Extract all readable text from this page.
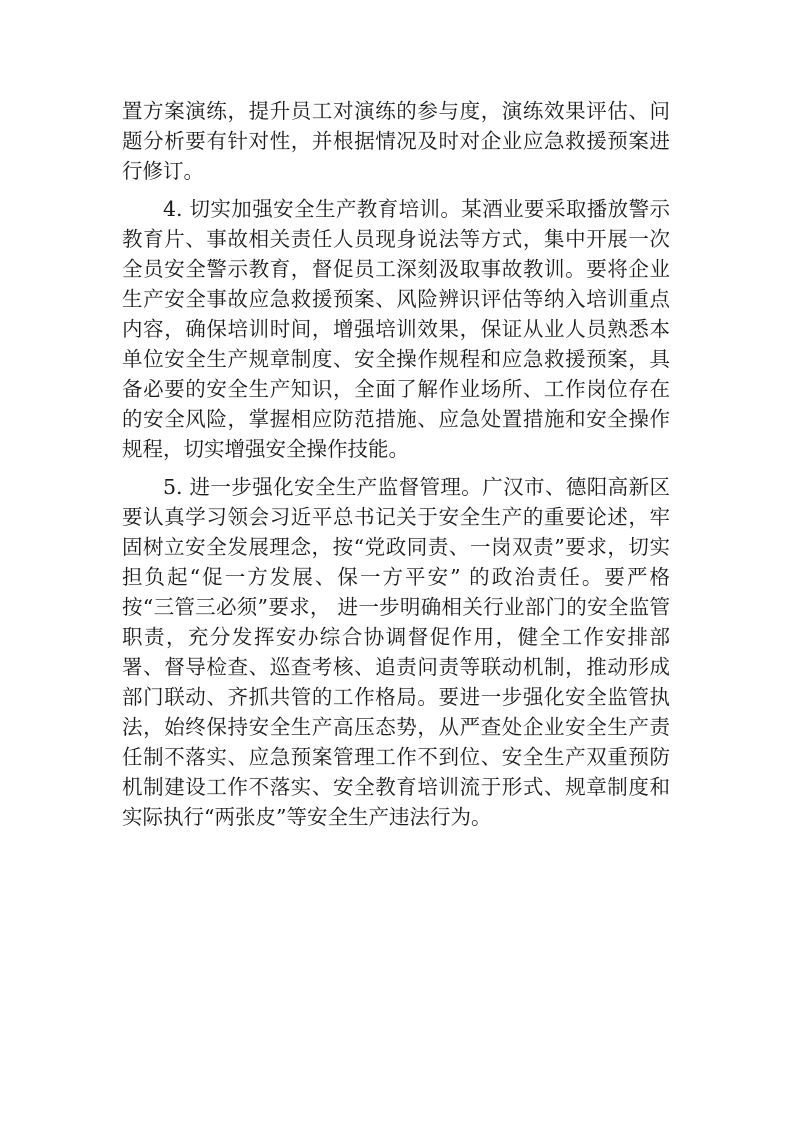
置方案演练，提升员工对演练的参与度，演练效果评估、问题分析要有针对性，并根据情况及时对企业应急救援预案进行修订。

4. 切实加强安全生产教育培训。某酒业要采取播放警示教育片、事故相关责任人员现身说法等方式，集中开展一次全员安全警示教育，督促员工深刻汲取事故教训。要将企业生产安全事故应急救援预案、风险辨识评估等纳入培训重点内容，确保培训时间，增强培训效果，保证从业人员熟悉本单位安全生产规章制度、安全操作规程和应急救援预案，具备必要的安全生产知识，全面了解作业场所、工作岗位存在的安全风险，掌握相应防范措施、应急处置措施和安全操作规程，切实增强安全操作技能。

5. 进一步强化安全生产监督管理。广汉市、德阳高新区要认真学习领会习近平总书记关于安全生产的重要论述，牢固树立安全发展理念，按“党政同责、一岗双责”要求，切实担负起“促一方发展、保一方平安” 的政治责任。要严格按“三管三必须”要求， 进一步明确相关行业部门的安全监管职责，充分发挥安办综合协调督促作用，健全工作安排部署、督导检查、巡查考核、追责问责等联动机制，推动形成部门联动、齐抓共管的工作格局。要进一步强化安全监管执法，始终保持安全生产高压态势，从严查处企业安全生产责任制不落实、应急预案管理工作不到位、安全生产双重预防机制建设工作不落实、安全教育培训流于形式、规章制度和实际执行“两张皮”等安全生产违法行为。
